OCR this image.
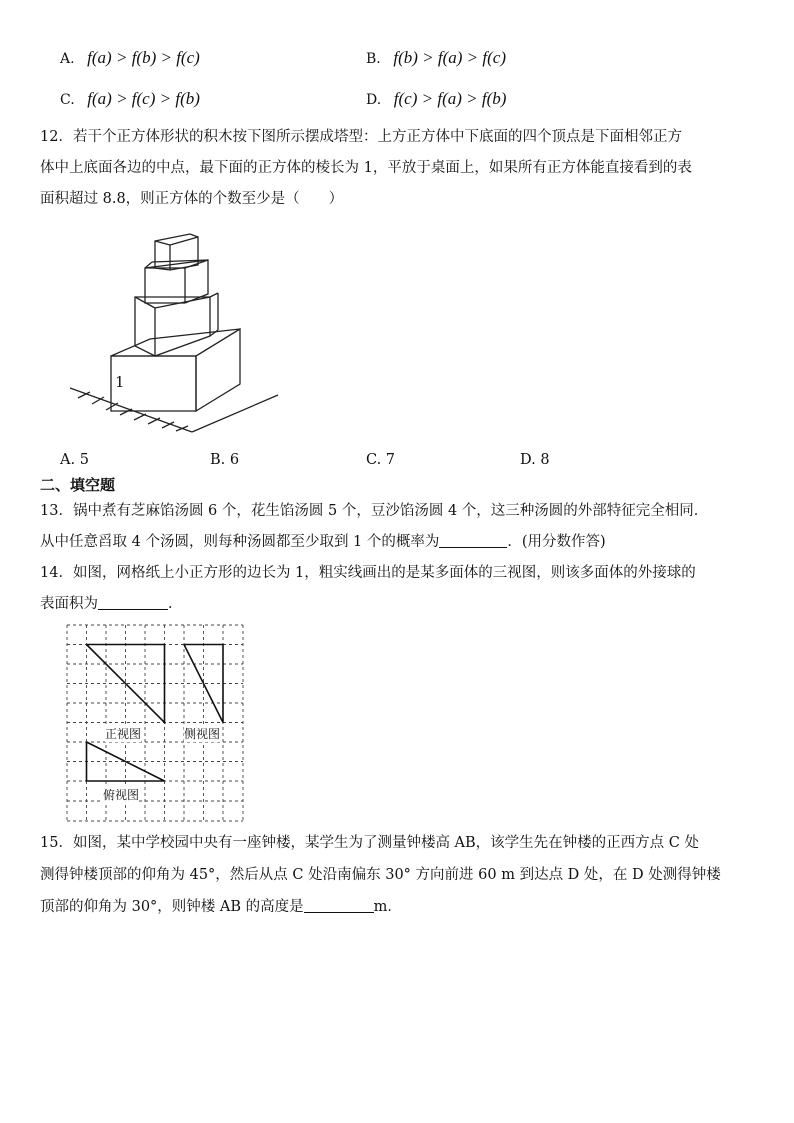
A. f(a) > f(b) > f(c)	B. f(b) > f(a) > f(c)
C. f(a) > f(c) > f(b)	D. f(c) > f(a) > f(b)
12．若干个正方体形状的积木按下图所示摆成塔型：上方正方体中下底面的四个顶点是下面相邻正方
体中上底面各边的中点，最下面的正方体的棱长为 1，平放于桌面上，如果所有正方体能直接看到的表
面积超过 8.8，则正方体的个数至少是（　　）
1
A. 5	B. 6	C. 7	D. 8
二、填空题
13．锅中煮有芝麻馅汤圆 6 个，花生馅汤圆 5 个，豆沙馅汤圆 4 个，这三种汤圆的外部特征完全相同．
从中任意舀取 4 个汤圆，则每种汤圆都至少取到 1 个的概率为	．(用分数作答)
14．如图，网格纸上小正方形的边长为 1，粗实线画出的是某多面体的三视图，则该多面体的外接球的
表面积为	．
正视图	侧视图
俯视图
15．如图，某中学校园中央有一座钟楼，某学生为了测量钟楼高 AB，该学生先在钟楼的正西方点 C 处
测得钟楼顶部的仰角为 45°，然后从点 C 处沿南偏东 30° 方向前进 60 m 到达点 D 处，在 D 处测得钟楼
顶部的仰角为 30°，则钟楼 AB 的高度是	m．
